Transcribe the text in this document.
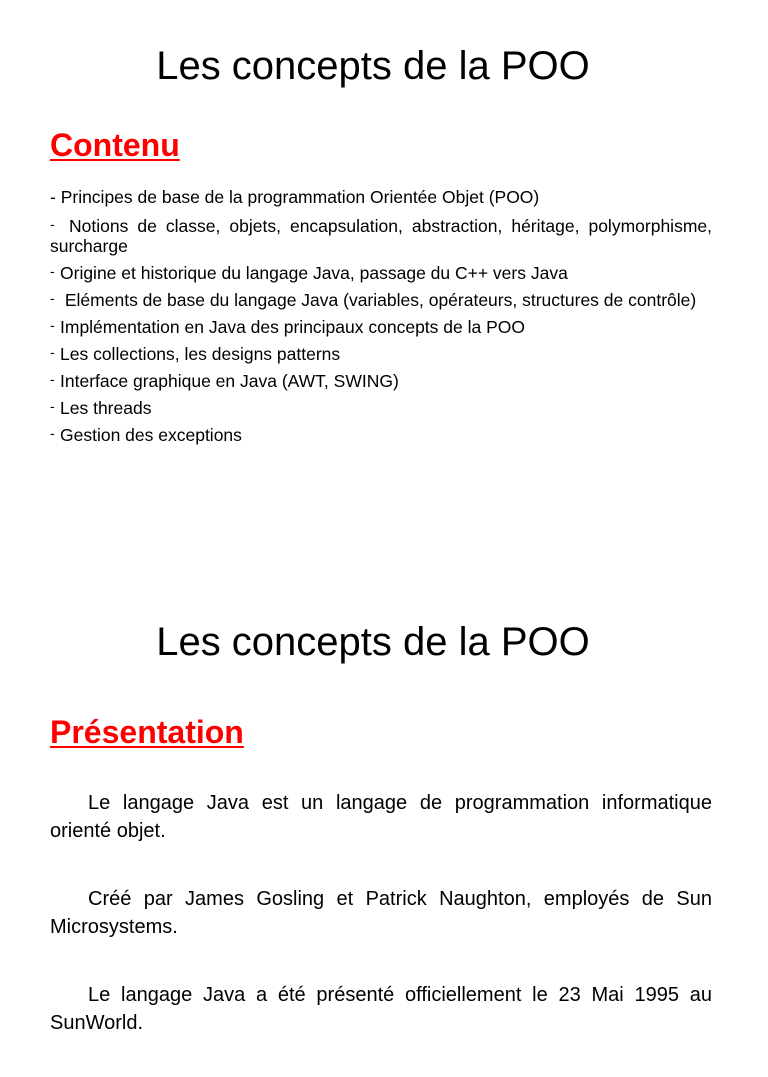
Les concepts de la POO
Contenu
- Principes de base de la programmation Orientée Objet (POO)
- Notions de classe, objets, encapsulation, abstraction, héritage, polymorphisme, surcharge
- Origine et historique du langage Java, passage du C++ vers Java
- Eléments de base du langage Java (variables, opérateurs, structures de contrôle)
- Implémentation en Java des principaux concepts de la POO
- Les collections, les designs patterns
- Interface graphique en Java (AWT, SWING)
- Les threads
- Gestion des exceptions
Les concepts de la POO
Présentation

Le langage Java est un langage de programmation informatique orienté objet.

Créé par James Gosling et Patrick Naughton, employés de Sun Microsystems.

Le langage Java a été présenté officiellement le 23 Mai 1995 au SunWorld.
